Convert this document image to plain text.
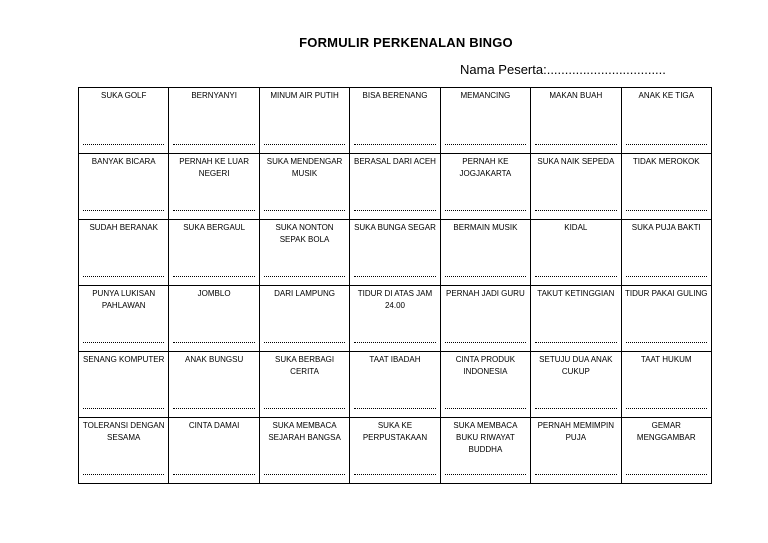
FORMULIR PERKENALAN BINGO
Nama Peserta:.................................
SUKA GOLF	BERNYANYI	MINUM AIR PUTIH	BISA BERENANG	MEMANCING	MAKAN BUAH	ANAK KE TIGA

BANYAK BICARA	PERNAH KE LUAR NEGERI	SUKA MENDENGAR MUSIK	BERASAL DARI ACEH	PERNAH KE JOGJAKARTA	SUKA NAIK SEPEDA	TIDAK MEROKOK

SUDAH BERANAK	SUKA BERGAUL	SUKA NONTON SEPAK BOLA	SUKA BUNGA SEGAR	BERMAIN MUSIK	KIDAL	SUKA PUJA BAKTI

PUNYA LUKISAN PAHLAWAN	JOMBLO	DARI LAMPUNG	TIDUR DI ATAS JAM 24.00	PERNAH JADI GURU	TAKUT KETINGGIAN	TIDUR PAKAI GULING

SENANG KOMPUTER	ANAK BUNGSU	SUKA BERBAGI CERITA	TAAT IBADAH	CINTA PRODUK INDONESIA	SETUJU DUA ANAK CUKUP	TAAT HUKUM

TOLERANSI DENGAN SESAMA	CINTA DAMAI	SUKA MEMBACA SEJARAH BANGSA	SUKA KE PERPUSTAKAAN	SUKA MEMBACA BUKU RIWAYAT BUDDHA	PERNAH MEMIMPIN PUJA	GEMAR MENGGAMBAR
